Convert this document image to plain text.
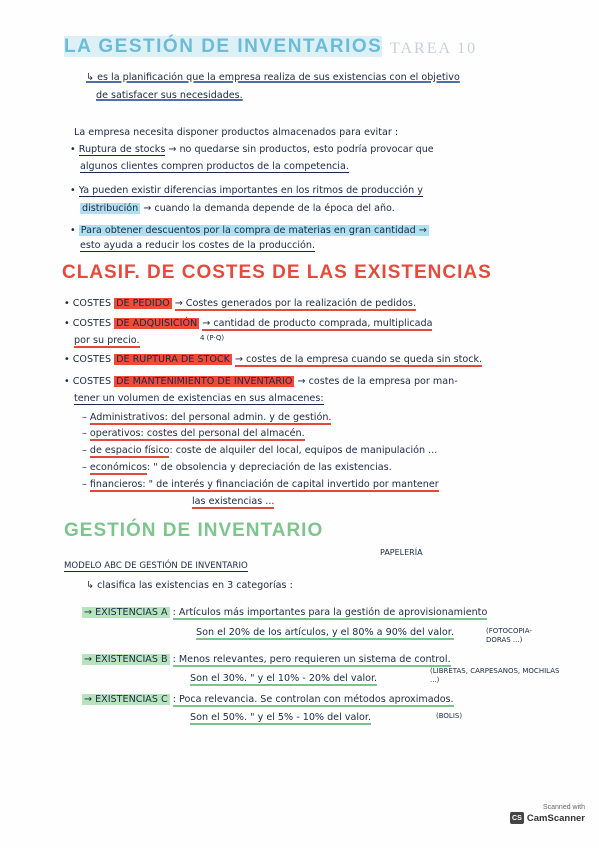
TAREA 10
LA GESTIÓN DE INVENTARIOS
↳ es la planificación que la empresa realiza de sus existencias con el objetivo
de satisfacer sus necesidades.
La empresa necesita disponer productos almacenados para evitar :
• Ruptura de stocks → no quedarse sin productos, esto podría provocar que
algunos clientes compren productos de la competencia.
• Ya pueden existir diferencias importantes en los ritmos de producción y
distribución → cuando la demanda depende de la época del año.
• Para obtener descuentos por la compra de materias en gran cantidad →
esto ayuda a reducir los costes de la producción.
CLASIF. DE COSTES DE LAS EXISTENCIAS
• COSTES DE PEDIDO → Costes generados por la realización de pedidos.
• COSTES DE ADQUISICIÓN → cantidad de producto comprada, multiplicada
por su precio.	4 (P·Q)
• COSTES DE RUPTURA DE STOCK → costes de la empresa cuando se queda sin stock.
• COSTES DE MANTENIMIENTO DE INVENTARIO → costes de la empresa por man-
tener un volumen de existencias en sus almacenes:
– Administrativos: del personal admin. y de gestión.
– operativos: costes del personal del almacén.
– de espacio físico: coste de alquiler del local, equipos de manipulación ...
– económicos: " de obsolencia y depreciación de las existencias.
– financieros: " de interés y financiación de capital invertido por mantener
las existencias ...
GESTIÓN DE INVENTARIO
PAPELERÍA
MODELO ABC DE GESTIÓN DE INVENTARIO
↳ clasifica las existencias en 3 categorías :
→ EXISTENCIAS A : Artículos más importantes para la gestión de aprovisionamiento
Son el 20% de los artículos, y el 80% a 90% del valor.	(FOTOCOPIA- DORAS ...)
→ EXISTENCIAS B : Menos relevantes, pero requieren un sistema de control.
Son el 30%. " y el 10% - 20% del valor.
(LIBRETAS, CARPESANOS, MOCHILAS ...)
→ EXISTENCIAS C : Poca relevancia. Se controlan con métodos aproximados.
Son el 50%. " y el 5% - 10% del valor.	(BOLIS)
Scanned with
CS CamScanner
